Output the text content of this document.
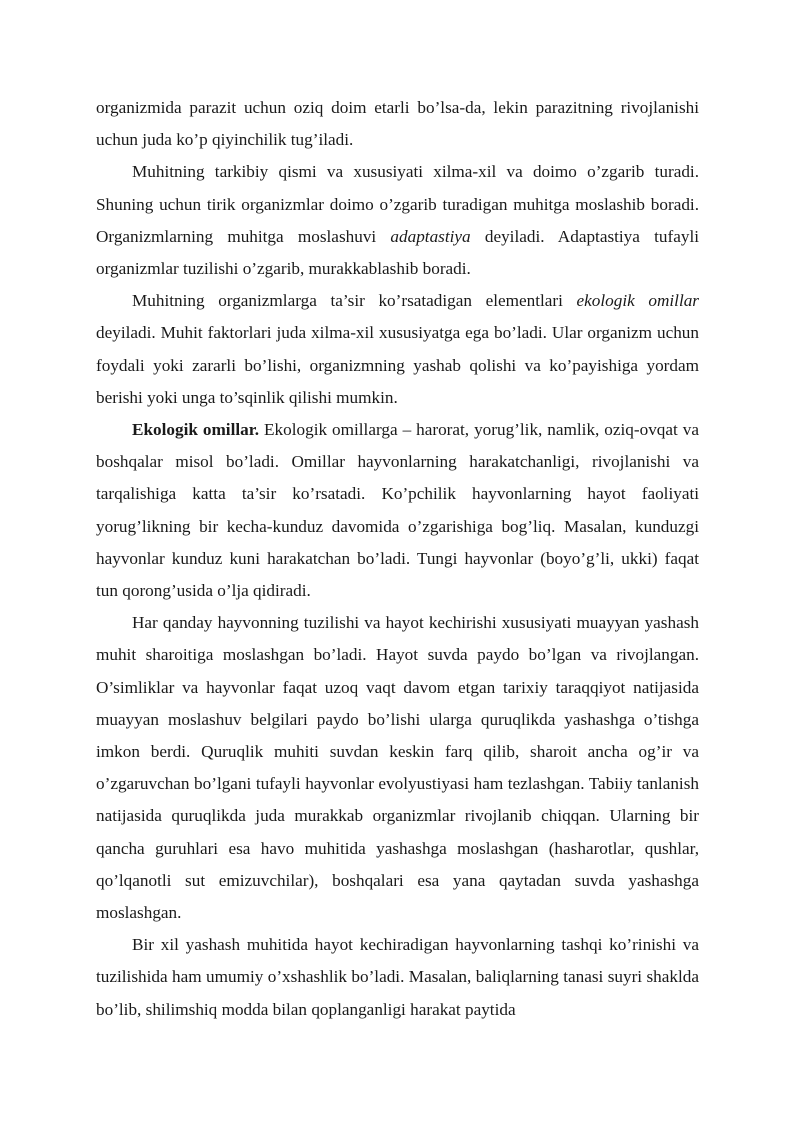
organizmida parazit uchun oziq doim etarli bo’lsa-da, lekin parazitning rivojlanishi uchun juda ko’p qiyinchilik tug’iladi.

Muhitning tarkibiy qismi va xususiyati xilma-xil va doimo o’zgarib turadi. Shuning uchun tirik organizmlar doimo o’zgarib turadigan muhitga moslashib boradi. Organizmlarning muhitga moslashuvi adaptastiya deyiladi. Adaptastiya tufayli organizmlar tuzilishi o’zgarib, murakkablashib boradi.

Muhitning organizmlarga ta’sir ko’rsatadigan elementlari ekologik omillar deyiladi. Muhit faktorlari juda xilma-xil xususiyatga ega bo’ladi. Ular organizm uchun foydali yoki zararli bo’lishi, organizmning yashab qolishi va ko’payishiga yordam berishi yoki unga to’sqinlik qilishi mumkin.

Ekologik omillar. Ekologik omillarga – harorat, yorug’lik, namlik, oziq-ovqat va boshqalar misol bo’ladi. Omillar hayvonlarning harakatchanligi, rivojlanishi va tarqalishiga katta ta’sir ko’rsatadi. Ko’pchilik hayvonlarning hayot faoliyati yorug’likning bir kecha-kunduz davomida o’zgarishiga bog’liq. Masalan, kunduzgi hayvonlar kunduz kuni harakatchan bo’ladi. Tungi hayvonlar (boyo’g’li, ukki) faqat tun qorong’usida o’lja qidiradi.

Har qanday hayvonning tuzilishi va hayot kechirishi xususiyati muayyan yashash muhit sharoitiga moslashgan bo’ladi. Hayot suvda paydo bo’lgan va rivojlangan. O’simliklar va hayvonlar faqat uzoq vaqt davom etgan tarixiy taraqqiyot natijasida muayyan moslashuv belgilari paydo bo’lishi ularga quruqlikda yashashga o’tishga imkon berdi. Quruqlik muhiti suvdan keskin farq qilib, sharoit ancha og’ir va o’zgaruvchan bo’lgani tufayli hayvonlar evolyustiyasi ham tezlashgan. Tabiiy tanlanish natijasida quruqlikda juda murakkab organizmlar rivojlanib chiqqan. Ularning bir qancha guruhlari esa havo muhitida yashashga moslashgan (hasharotlar, qushlar, qo’lqanotli sut emizuvchilar), boshqalari esa yana qaytadan suvda yashashga moslashgan.

Bir xil yashash muhitida hayot kechiradigan hayvonlarning tashqi ko’rinishi va tuzilishida ham umumiy o’xshashlik bo’ladi. Masalan, baliqlarning tanasi suyri shaklda bo’lib, shilimshiq modda bilan qoplanganligi harakat paytida
